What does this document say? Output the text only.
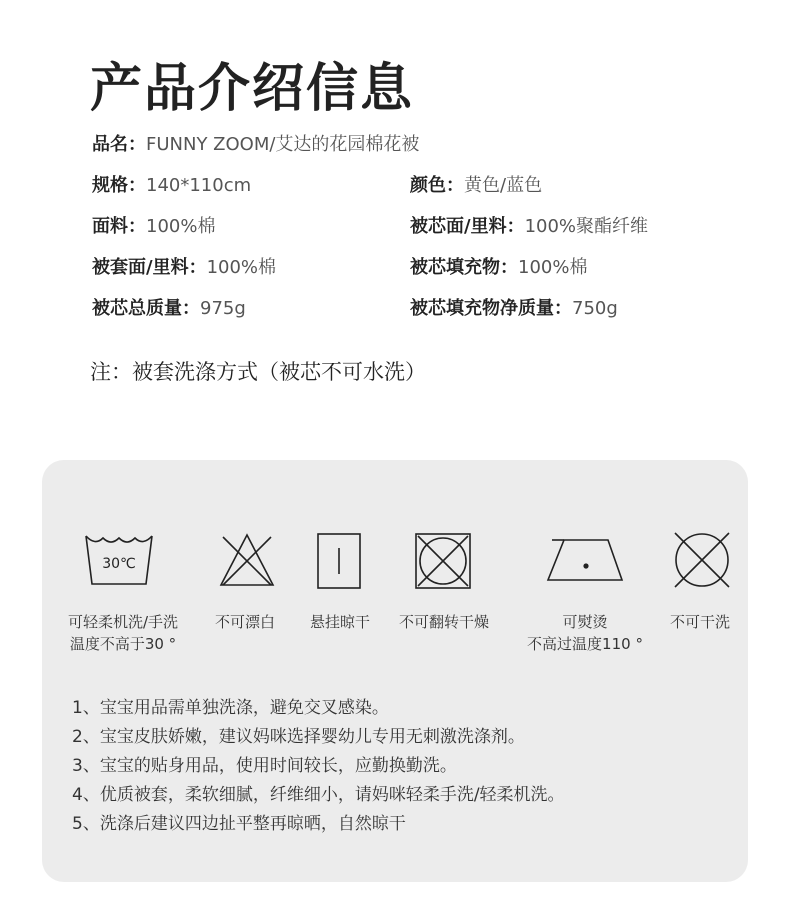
产品介绍信息
品名：FUNNY ZOOM/艾达的花园棉花被
规格：140*110cm	颜色：黄色/蓝色
面料：100%棉	被芯面/里料：100%聚酯纤维
被套面/里料：100%棉	被芯填充物：100%棉
被芯总质量：975g	被芯填充物净质量：750g
注：被套洗涤方式（被芯不可水洗）
30℃
可轻柔机洗/手洗
温度不高于30 °
不可漂白	悬挂晾干	不可翻转干燥	可熨烫
不高过温度110 °
不可干洗
1、宝宝用品需单独洗涤，避免交叉感染。
2、宝宝皮肤娇嫩，建议妈咪选择婴幼儿专用无刺激洗涤剂。
3、宝宝的贴身用品，使用时间较长，应勤换勤洗。
4、优质被套，柔软细腻，纤维细小，请妈咪轻柔手洗/轻柔机洗。
5、洗涤后建议四边扯平整再晾晒，自然晾干
